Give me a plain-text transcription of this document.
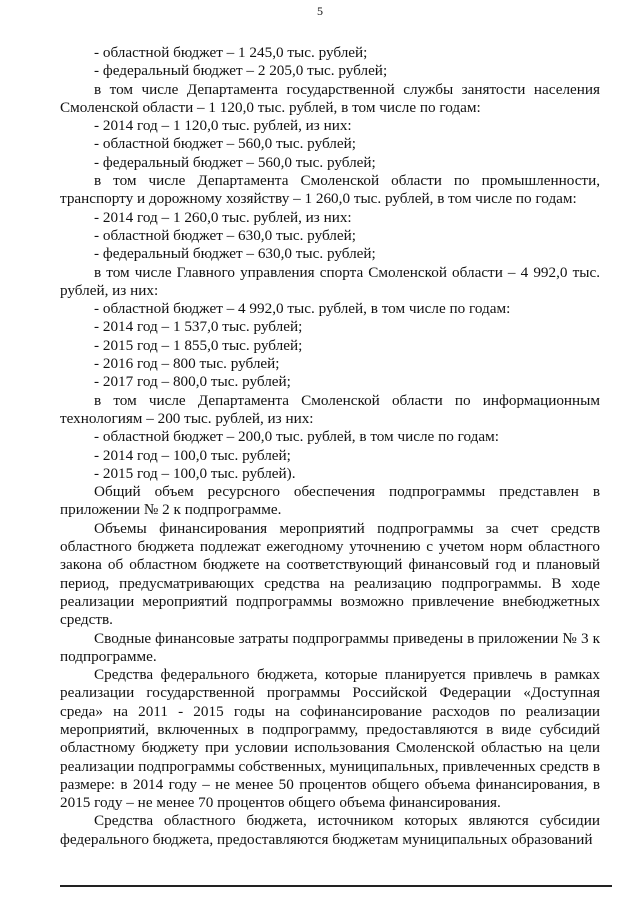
5

- областной бюджет – 1 245,0 тыс. рублей;

- федеральный бюджет – 2 205,0 тыс. рублей;

в том числе Департамента государственной службы занятости населения Смоленской области – 1 120,0 тыс. рублей, в том числе по годам:

- 2014 год – 1 120,0 тыс. рублей, из них:

- областной бюджет – 560,0 тыс. рублей;

- федеральный бюджет – 560,0 тыс. рублей;

в том числе Департамента Смоленской области по промышленности, транспорту и дорожному хозяйству – 1 260,0 тыс. рублей, в том числе по годам:

- 2014 год – 1 260,0 тыс. рублей, из них:

- областной бюджет – 630,0 тыс. рублей;

- федеральный бюджет – 630,0 тыс. рублей;

в том числе Главного управления спорта Смоленской области – 4 992,0 тыс. рублей, из них:

- областной бюджет – 4 992,0 тыс. рублей, в том числе по годам:

- 2014 год – 1 537,0 тыс. рублей;

- 2015 год – 1 855,0 тыс. рублей;

- 2016 год – 800 тыс. рублей;

- 2017 год – 800,0 тыс. рублей;

в том числе Департамента Смоленской области по информационным технологиям – 200 тыс. рублей, из них:

- областной бюджет – 200,0 тыс. рублей, в том числе по годам:

- 2014 год – 100,0 тыс. рублей;

- 2015 год – 100,0 тыс. рублей).

Общий объем ресурсного обеспечения подпрограммы представлен в приложении № 2 к подпрограмме.

Объемы финансирования мероприятий подпрограммы за счет средств областного бюджета подлежат ежегодному уточнению с учетом норм областного закона об областном бюджете на соответствующий финансовый год и плановый период, предусматривающих средства на реализацию подпрограммы. В ходе реализации мероприятий подпрограммы возможно привлечение внебюджетных средств.

Сводные финансовые затраты подпрограммы приведены в приложении № 3 к подпрограмме.

Средства федерального бюджета, которые планируется привлечь в рамках реализации государственной программы Российской Федерации «Доступная среда» на 2011 - 2015 годы на софинансирование расходов по реализации мероприятий, включенных в подпрограмму, предоставляются в виде субсидий областному бюджету при условии использования Смоленской областью на цели реализации подпрограммы собственных, муниципальных, привлеченных средств в размере: в 2014 году – не менее 50 процентов общего объема финансирования, в 2015 году – не менее 70 процентов общего объема финансирования.

Средства областного бюджета, источником которых являются субсидии федерального бюджета, предоставляются бюджетам муниципальных образований
